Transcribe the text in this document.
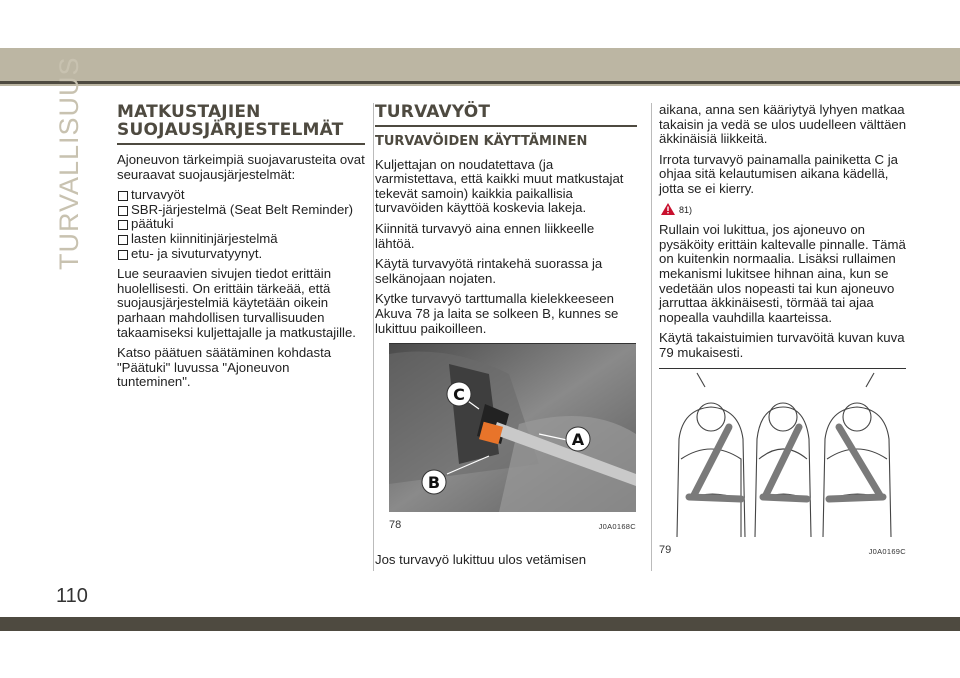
TURVALLISUUS
110
MATKUSTAJIEN SUOJAUSJÄRJESTELMÄT

Ajoneuvon tärkeimpiä suojavarusteita ovat seuraavat suojausjärjestelmät:

turvavyöt
SBR-järjestelmä (Seat Belt Reminder)
päätuki
lasten kiinnitinjärjestelmä
etu- ja sivuturvatyynyt.

Lue seuraavien sivujen tiedot erittäin huolellisesti. On erittäin tärkeää, että suojausjärjestelmiä käytetään oikein parhaan mahdollisen turvallisuuden takaamiseksi kuljettajalle ja matkustajille.

Katso päätuen säätäminen kohdasta "Päätuki" luvussa "Ajoneuvon tunteminen".

TURVAVYÖT
TURVAVÖIDEN KÄYTTÄMINEN

Kuljettajan on noudatettava (ja varmistettava, että kaikki muut matkustajat tekevät samoin) kaikkia paikallisia turvavöiden käyttöä koskevia lakeja.

Kiinnitä turvavyö aina ennen liikkeelle lähtöä.

Käytä turvavyötä rintakehä suorassa ja selkänojaan nojaten.

Kytke turvavyö tarttumalla kielekkeeseen Akuva 78 ja laita se solkeen B, kunnes se lukittuu paikoilleen.

C
A
B
78	J0A0168C
Jos turvavyö lukittuu ulos vetämisen

aikana, anna sen kääriytyä lyhyen matkaa takaisin ja vedä se ulos uudelleen välttäen äkkinäisiä liikkeitä.

Irrota turvavyö painamalla painiketta C ja ohjaa sitä kelautumisen aikana kädellä, jotta se ei kierry.

81)

Rullain voi lukittua, jos ajoneuvo on pysäköity erittäin kaltevalle pinnalle. Tämä on kuitenkin normaalia. Lisäksi rullaimen mekanismi lukitsee hihnan aina, kun se vedetään ulos nopeasti tai kun ajoneuvo jarruttaa äkkinäisesti, törmää tai ajaa nopealla vauhdilla kaarteissa.

Käytä takaistuimien turvavöitä kuvan kuva 79 mukaisesti.

79	J0A0169C
